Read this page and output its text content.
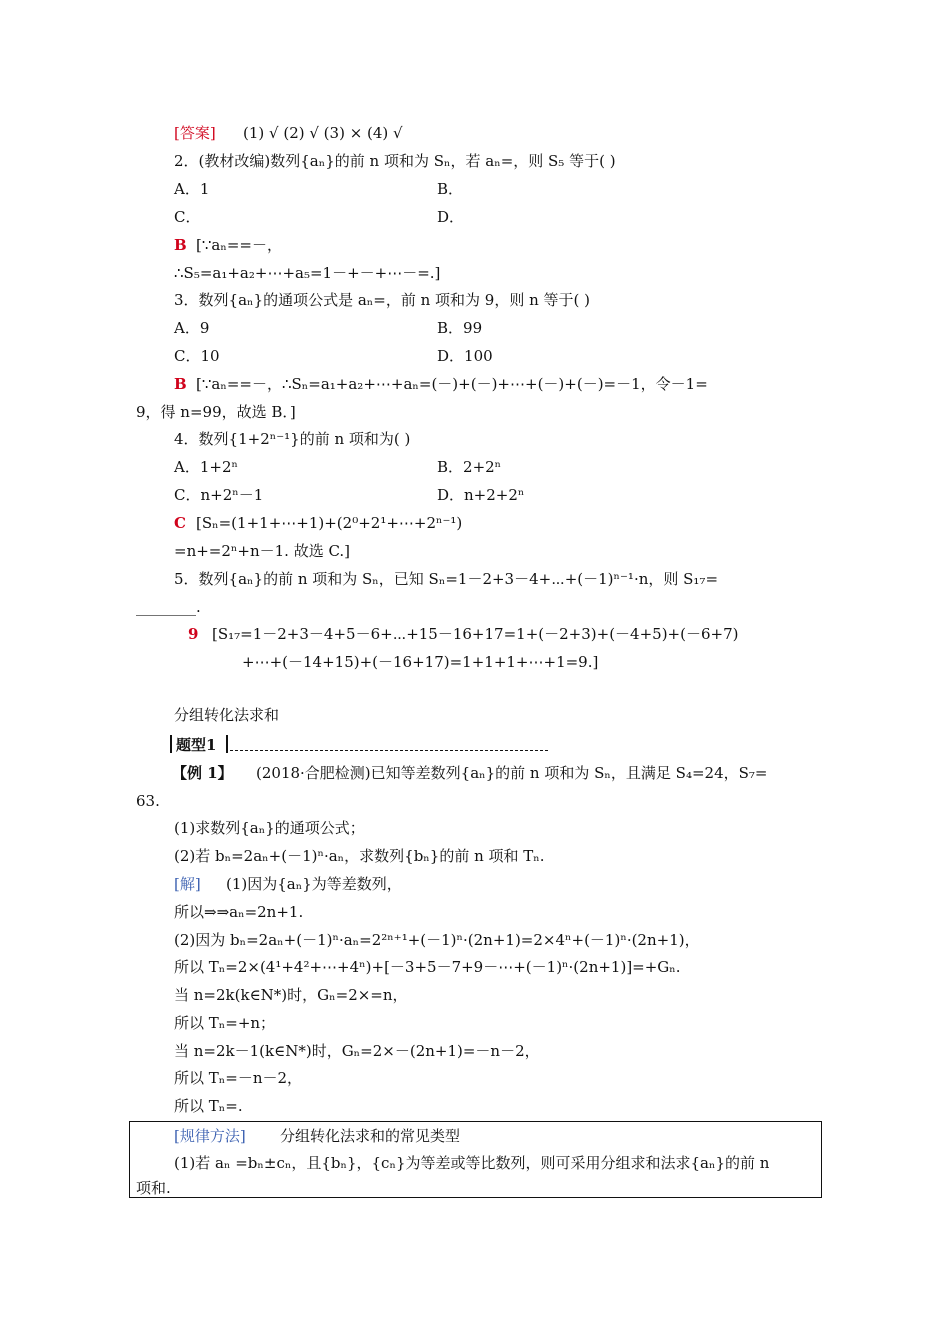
[答案] (1) √ (2) √ (3) × (4) √
2．(教材改编)数列{aₙ}的前 n 项和为 Sₙ，若 aₙ=，则 S₅ 等于( )
A．1	B．
C．	D．
B [∵aₙ==－，
∴S₅=a₁+a₂+⋯+a₅=1－+－+⋯－=.]
3．数列{aₙ}的通项公式是 aₙ=，前 n 项和为 9，则 n 等于( )
A．9	B．99
C．10	D．100
B [∵aₙ==－，∴Sₙ=a₁+a₂+⋯+aₙ=(－)+(－)+⋯+(－)+(－)=－1，令－1=
9，得 n=99，故选 B．]
4．数列{1+2ⁿ⁻¹}的前 n 项和为( )
A．1+2ⁿ	B．2+2ⁿ
C．n+2ⁿ－1	D．n+2+2ⁿ
C [Sₙ=(1+1+⋯+1)+(2⁰+2¹+⋯+2ⁿ⁻¹)
=n+=2ⁿ+n－1. 故选 C.]
5．数列{aₙ}的前 n 项和为 Sₙ，已知 Sₙ=1－2+3－4+⋯+(－1)ⁿ⁻¹·n，则 S₁₇=
________.
9 [S₁₇=1－2+3－4+5－6+⋯+15－16+17=1+(－2+3)+(－4+5)+(－6+7)
+⋯+(－14+15)+(－16+17)=1+1+1+⋯+1=9.]
分组转化法求和
题型1
【例 1】 (2018·合肥检测)已知等差数列{aₙ}的前 n 项和为 Sₙ，且满足 S₄=24，S₇=
63.
(1)求数列{aₙ}的通项公式；
(2)若 bₙ=2aₙ+(－1)ⁿ·aₙ，求数列{bₙ}的前 n 项和 Tₙ.
[解] (1)因为{aₙ}为等差数列，
所以⇒⇒aₙ=2n+1.
(2)因为 bₙ=2aₙ+(－1)ⁿ·aₙ=2²ⁿ⁺¹+(－1)ⁿ·(2n+1)=2×4ⁿ+(－1)ⁿ·(2n+1)，
所以 Tₙ=2×(4¹+4²+⋯+4ⁿ)+[－3+5－7+9－⋯+(－1)ⁿ·(2n+1)]=+Gₙ.
当 n=2k(k∈N*)时，Gₙ=2×=n，
所以 Tₙ=+n；
当 n=2k－1(k∈N*)时，Gₙ=2×－(2n+1)=－n－2，
所以 Tₙ=－n－2，
所以 Tₙ=.
[规律方法] 分组转化法求和的常见类型
(1)若 aₙ =bₙ±cₙ，且{bₙ}，{cₙ}为等差或等比数列，则可采用分组求和法求{aₙ}的前 n
项和.
